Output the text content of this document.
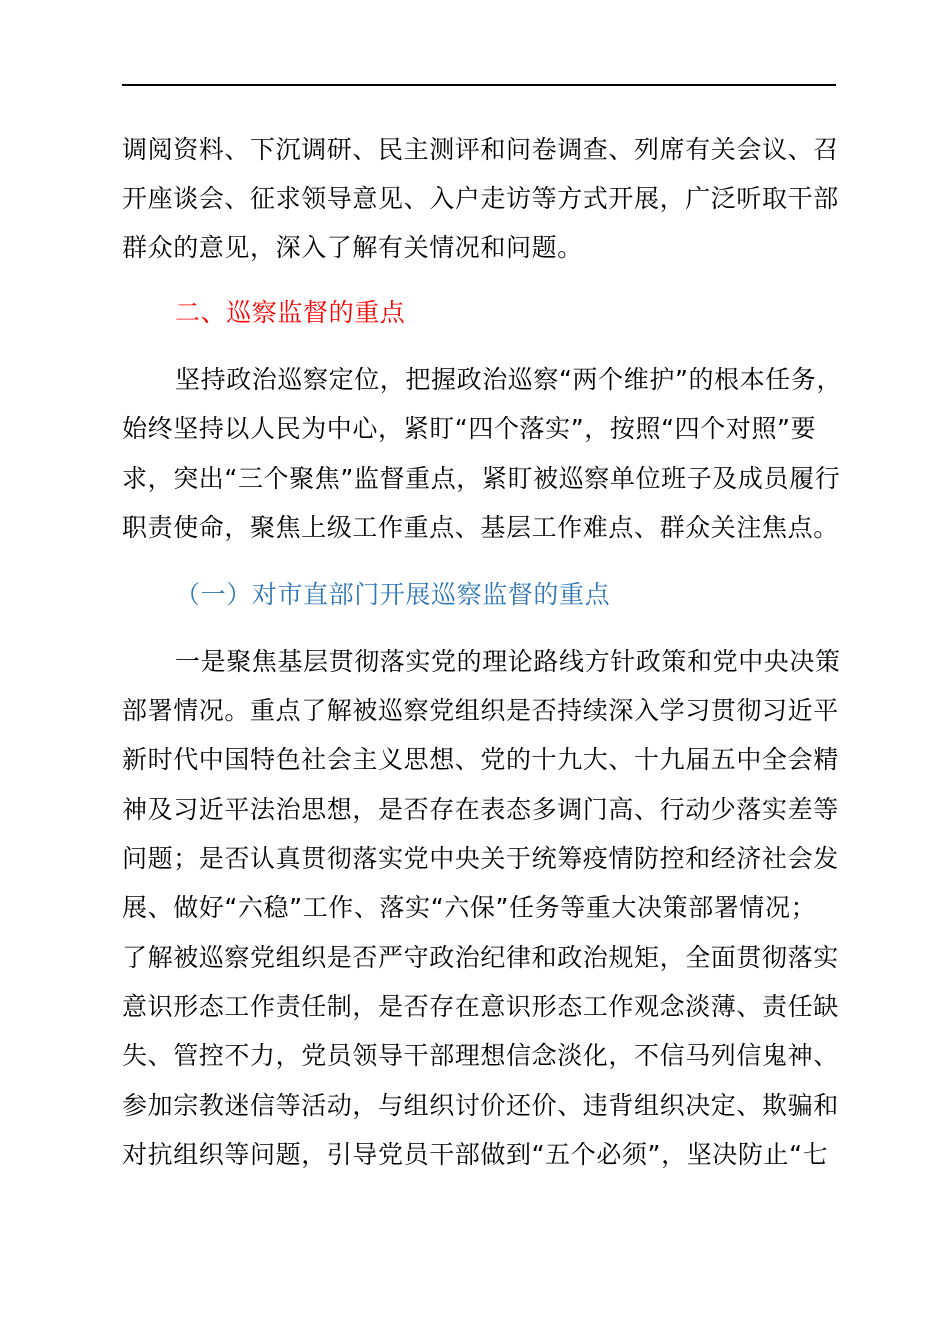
调阅资料、下沉调研、民主测评和问卷调查、列席有关会议、召
开座谈会、征求领导意见、入户走访等方式开展，广泛听取干部
群众的意见，深入了解有关情况和问题。
二、巡察监督的重点
坚持政治巡察定位，把握政治巡察“两个维护”的根本任务，
始终坚持以人民为中心，紧盯“四个落实”，按照“四个对照”要
求，突出“三个聚焦”监督重点，紧盯被巡察单位班子及成员履行
职责使命，聚焦上级工作重点、基层工作难点、群众关注焦点。
（一）对市直部门开展巡察监督的重点
一是聚焦基层贯彻落实党的理论路线方针政策和党中央决策
部署情况。重点了解被巡察党组织是否持续深入学习贯彻习近平
新时代中国特色社会主义思想、党的十九大、十九届五中全会精
神及习近平法治思想，是否存在表态多调门高、行动少落实差等
问题；是否认真贯彻落实党中央关于统筹疫情防控和经济社会发
展、做好“六稳”工作、落实“六保”任务等重大决策部署情况；
了解被巡察党组织是否严守政治纪律和政治规矩，全面贯彻落实
意识形态工作责任制，是否存在意识形态工作观念淡薄、责任缺
失、管控不力，党员领导干部理想信念淡化，不信马列信鬼神、
参加宗教迷信等活动，与组织讨价还价、违背组织决定、欺骗和
对抗组织等问题，引导党员干部做到“五个必须”，坚决防止“七
